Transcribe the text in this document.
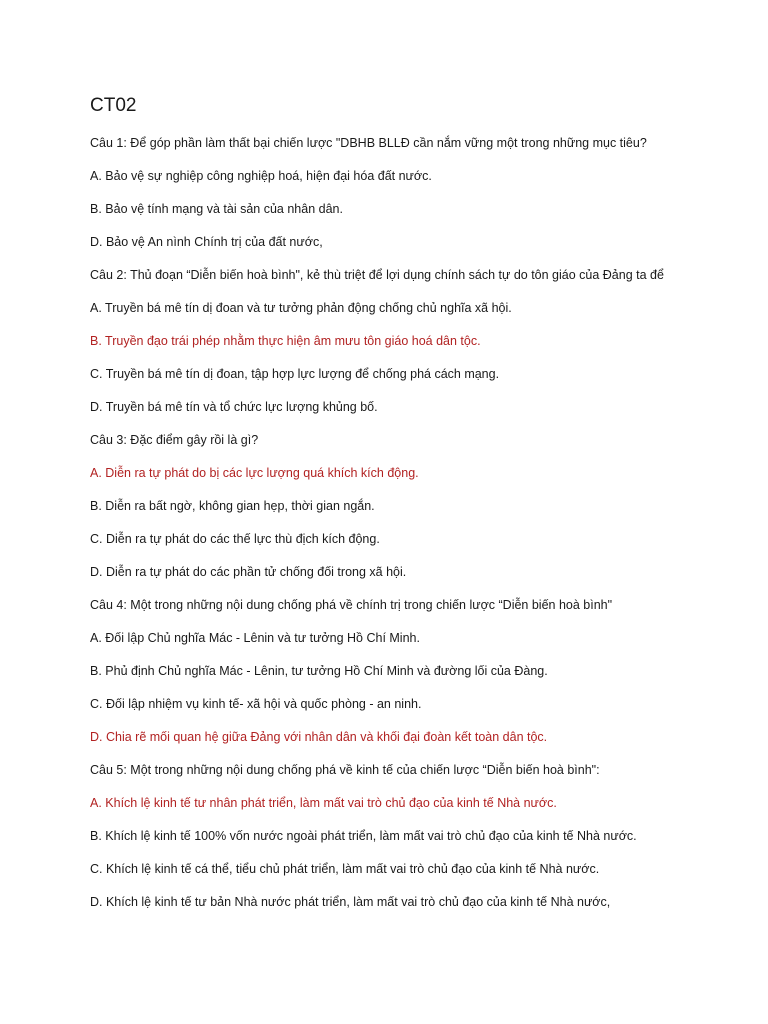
CT02
Câu 1: Để góp phần làm thất bại chiến lược "DBHB BLLĐ cần nắm vững một trong những mục tiêu?
A. Bảo vệ sự nghiệp công nghiệp hoá, hiện đại hóa đất nước.
B. Bảo vệ tính mạng và tài sản của nhân dân.
D. Bảo vệ An nình Chính trị của đất nước,
Câu 2: Thủ đoạn “Diễn biến hoà bình", kẻ thù triệt để lợi dụng chính sách tự do tôn giáo của Đảng ta để
A. Truyền bá mê tín dị đoan và tư tưởng phản động chống chủ nghĩa xã hội.
B. Truyền đạo trái phép nhằm thực hiện âm mưu tôn giáo hoá dân tộc.
C. Truyền bá mê tín dị đoan, tập hợp lực lượng để chống phá cách mạng.
D. Truyền bá mê tín và tổ chức lực lượng khủng bố.
Câu 3: Đặc điểm gây rồi là gì?
A. Diễn ra tự phát do bị các lực lượng quá khích kích động.
B. Diễn ra bất ngờ, không gian hẹp, thời gian ngắn.
C. Diễn ra tự phát do các thế lực thù địch kích động.
D. Diễn ra tự phát do các phần tử chống đối trong xã hội.
Câu 4: Một trong những nội dung chống phá về chính trị trong chiến lược “Diễn biến hoà bình"
A. Đối lập Chủ nghĩa Mác - Lênin và tư tưởng Hồ Chí Minh.
B. Phủ định Chủ nghĩa Mác - Lênin, tư tưởng Hồ Chí Minh và đường lối của Đàng.
C. Đối lập nhiệm vụ kinh tế- xã hội và quốc phòng - an ninh.
D. Chia rẽ mối quan hệ giữa Đảng với nhân dân và khối đại đoàn kết toàn dân tộc.
Câu 5: Một trong những nội dung chống phá về kinh tế của chiến lược “Diễn biến hoà bình":
A. Khích lệ kinh tế tư nhân phát triển, làm mất vai trò chủ đạo của kinh tế Nhà nước.
B. Khích lệ kinh tế 100% vốn nước ngoài phát triển, làm mất vai trò chủ đạo của kinh tế Nhà nước.
C. Khích lệ kinh tế cá thể, tiểu chủ phát triển, làm mất vai trò chủ đạo của kinh tế Nhà nước.
D. Khích lệ kinh tế tư bản Nhà nước phát triển, làm mất vai trò chủ đạo của kinh tế Nhà nước,
